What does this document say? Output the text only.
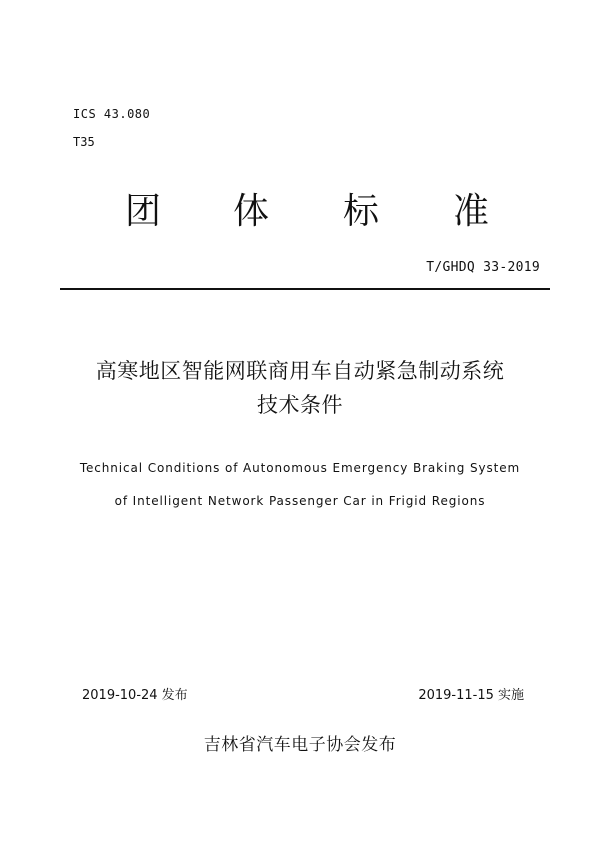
ICS 43.080
T35
团 体 标 准
T/GHDQ 33-2019
高寒地区智能网联商用车自动紧急制动系统
技术条件
Technical Conditions of Autonomous Emergency Braking System
of Intelligent Network Passenger Car in Frigid Regions
2019-10-24 发布	2019-11-15 实施
吉林省汽车电子协会发布
